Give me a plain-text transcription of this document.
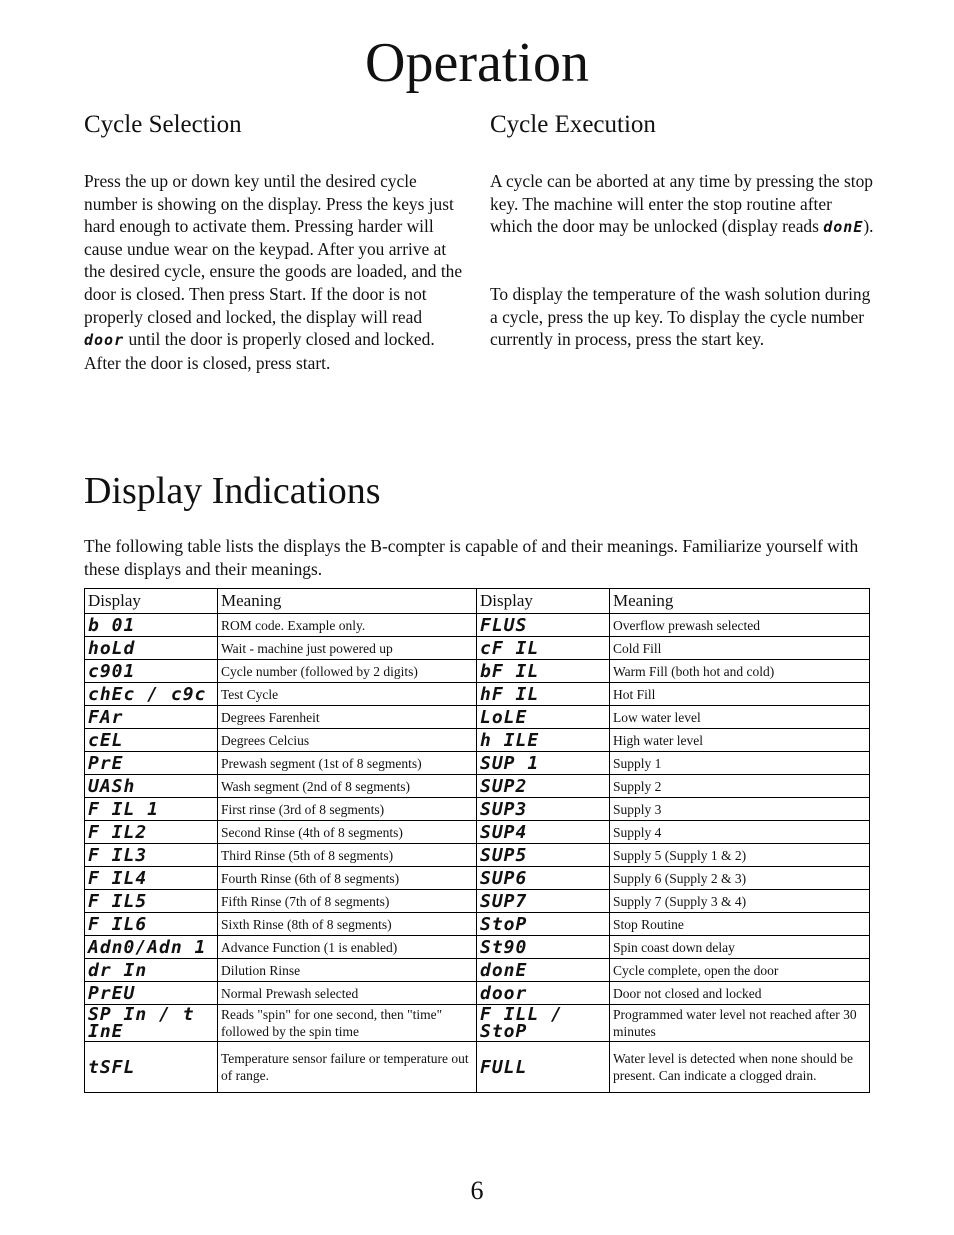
Operation
Cycle Selection

Press the up or down key until the desired cycle number is showing on the display. Press the keys just hard enough to activate them. Pressing harder will cause undue wear on the keypad. After you arrive at the desired cycle, ensure the goods are loaded, and the door is closed. Then press Start. If the door is not properly closed and locked, the display will read door until the door is properly closed and locked. After the door is closed, press start.

Cycle Execution

A cycle can be aborted at any time by pressing the stop key. The machine will enter the stop routine after which the door may be unlocked (display reads donE).

To display the temperature of the wash solution during a cycle, press the up key. To display the cycle number currently in process, press the start key.

Display Indications

The following table lists the displays the B-compter is capable of and their meanings. Familiarize yourself with these displays and their meanings.

Display	Meaning	Display	Meaning
b 01	ROM code. Example only.	FLUS	Overflow prewash selected
hoLd	Wait - machine just powered up	cF IL	Cold Fill
c901	Cycle number (followed by 2 digits)	bF IL	Warm Fill (both hot and cold)
chEc / c9c	Test Cycle	hF IL	Hot Fill
FAr	Degrees Farenheit	LoLE	Low water level
cEL	Degrees Celcius	h ILE	High water level
PrE	Prewash segment (1st of 8 segments)	SUP 1	Supply 1
UASh	Wash segment (2nd of 8 segments)	SUP2	Supply 2
F IL 1	First rinse (3rd of 8 segments)	SUP3	Supply 3
F IL2	Second Rinse (4th of 8 segments)	SUP4	Supply 4
F IL3	Third Rinse (5th of 8 segments)	SUP5	Supply 5 (Supply 1 & 2)
F IL4	Fourth Rinse (6th of 8 segments)	SUP6	Supply 6 (Supply 2 & 3)
F IL5	Fifth Rinse (7th of 8 segments)	SUP7	Supply 7 (Supply 3 & 4)
F IL6	Sixth Rinse (8th of 8 segments)	StoP	Stop Routine
Adn0/Adn 1	Advance Function (1 is enabled)	St90	Spin coast down delay
dr In	Dilution Rinse	donE	Cycle complete, open the door
PrEU	Normal Prewash selected	door	Door not closed and locked
SP In / t InE	Reads "spin" for one second, then "time" followed by the spin time	F ILL / StoP	Programmed water level not reached after 30 minutes
tSFL	Temperature sensor failure or temperature out of range.	FULL	Water level is detected when none should be present. Can indicate a clogged drain.
6
